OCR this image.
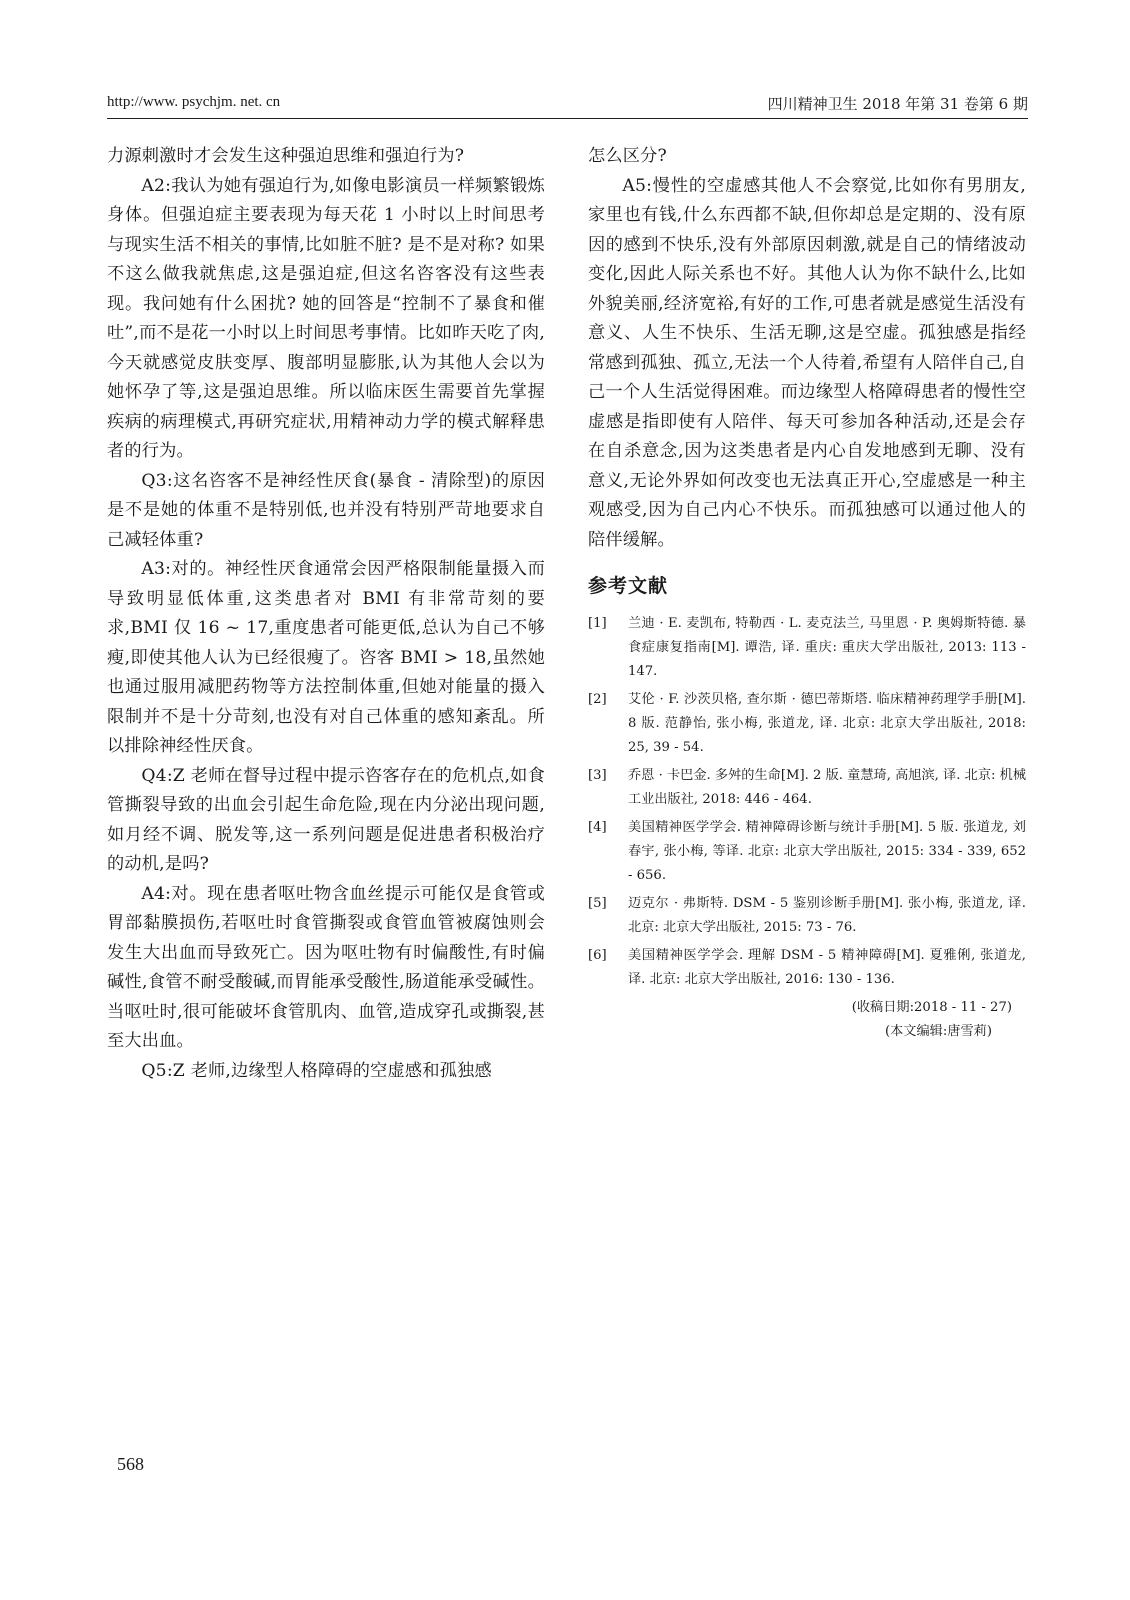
http://www. psychjm. net. cn	四川精神卫生 2018 年第 31 卷第 6 期

力源刺激时才会发生这种强迫思维和强迫行为?

A2:我认为她有强迫行为,如像电影演员一样频繁锻炼身体。但强迫症主要表现为每天花 1 小时以上时间思考与现实生活不相关的事情,比如脏不脏? 是不是对称? 如果不这么做我就焦虑,这是强迫症,但这名咨客没有这些表现。我问她有什么困扰? 她的回答是“控制不了暴食和催吐”,而不是花一小时以上时间思考事情。比如昨天吃了肉,今天就感觉皮肤变厚、腹部明显膨胀,认为其他人会以为她怀孕了等,这是强迫思维。所以临床医生需要首先掌握疾病的病理模式,再研究症状,用精神动力学的模式解释患者的行为。

Q3:这名咨客不是神经性厌食(暴食 - 清除型)的原因是不是她的体重不是特别低,也并没有特别严苛地要求自己减轻体重?

A3:对的。神经性厌食通常会因严格限制能量摄入而导致明显低体重,这类患者对 BMI 有非常苛刻的要求,BMI 仅 16 ~ 17,重度患者可能更低,总认为自己不够瘦,即使其他人认为已经很瘦了。咨客 BMI > 18,虽然她也通过服用减肥药物等方法控制体重,但她对能量的摄入限制并不是十分苛刻,也没有对自己体重的感知紊乱。所以排除神经性厌食。

Q4:Z 老师在督导过程中提示咨客存在的危机点,如食管撕裂导致的出血会引起生命危险,现在内分泌出现问题,如月经不调、脱发等,这一系列问题是促进患者积极治疗的动机,是吗?

A4:对。现在患者呕吐物含血丝提示可能仅是食管或胃部黏膜损伤,若呕吐时食管撕裂或食管血管被腐蚀则会发生大出血而导致死亡。因为呕吐物有时偏酸性,有时偏碱性,食管不耐受酸碱,而胃能承受酸性,肠道能承受碱性。当呕吐时,很可能破坏食管肌肉、血管,造成穿孔或撕裂,甚至大出血。

Q5:Z 老师,边缘型人格障碍的空虚感和孤独感

怎么区分?

A5:慢性的空虚感其他人不会察觉,比如你有男朋友,家里也有钱,什么东西都不缺,但你却总是定期的、没有原因的感到不快乐,没有外部原因刺激,就是自己的情绪波动变化,因此人际关系也不好。其他人认为你不缺什么,比如外貌美丽,经济宽裕,有好的工作,可患者就是感觉生活没有意义、人生不快乐、生活无聊,这是空虚。孤独感是指经常感到孤独、孤立,无法一个人待着,希望有人陪伴自己,自己一个人生活觉得困难。而边缘型人格障碍患者的慢性空虚感是指即使有人陪伴、每天可参加各种活动,还是会存在自杀意念,因为这类患者是内心自发地感到无聊、没有意义,无论外界如何改变也无法真正开心,空虚感是一种主观感受,因为自己内心不快乐。而孤独感可以通过他人的陪伴缓解。

参考文献
[1] 兰迪 · E. 麦凯布, 特勒西 · L. 麦克法兰, 马里恩 · P. 奥姆斯特德. 暴食症康复指南[M]. 谭浩, 译. 重庆: 重庆大学出版社, 2013: 113 - 147.
[2] 艾伦 · F. 沙茨贝格, 查尔斯 · 德巴蒂斯塔. 临床精神药理学手册[M]. 8 版. 范静怡, 张小梅, 张道龙, 译. 北京: 北京大学出版社, 2018: 25, 39 - 54.
[3] 乔恩 · 卡巴金. 多舛的生命[M]. 2 版. 童慧琦, 高旭滨, 译. 北京: 机械工业出版社, 2018: 446 - 464.
[4] 美国精神医学学会. 精神障碍诊断与统计手册[M]. 5 版. 张道龙, 刘春宇, 张小梅, 等译. 北京: 北京大学出版社, 2015: 334 - 339, 652 - 656.
[5] 迈克尔 · 弗斯特. DSM - 5 鉴别诊断手册[M]. 张小梅, 张道龙, 译. 北京: 北京大学出版社, 2015: 73 - 76.
[6] 美国精神医学学会. 理解 DSM - 5 精神障碍[M]. 夏雅俐, 张道龙, 译. 北京: 北京大学出版社, 2016: 130 - 136.
(收稿日期:2018 - 11 - 27)
(本文编辑:唐雪莉)
568
